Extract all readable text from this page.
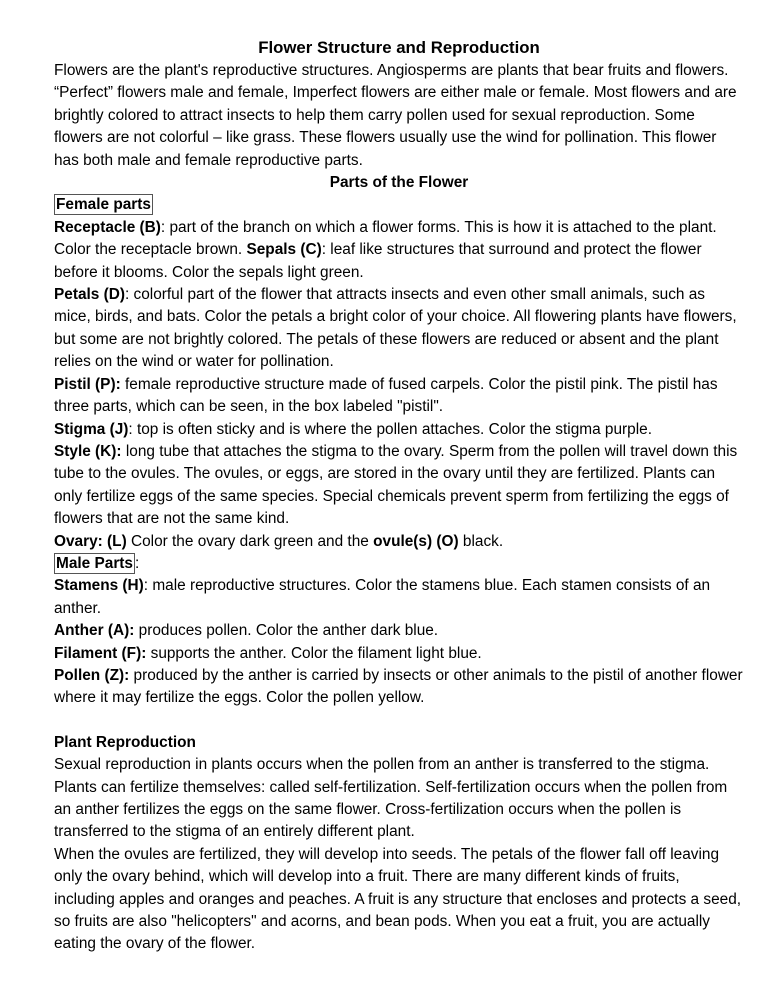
Flower Structure and Reproduction

Flowers are the plant's reproductive structures. Angiosperms are plants that bear fruits and flowers. “Perfect” flowers male and female, Imperfect flowers are either male or female. Most flowers and are brightly colored to attract insects to help them carry pollen used for sexual reproduction. Some flowers are not colorful – like grass. These flowers usually use the wind for pollination. This flower has both male and female reproductive parts.

Parts of the Flower

Female parts

Receptacle (B): part of the branch on which a flower forms. This is how it is attached to the plant. Color the receptacle brown. Sepals (C): leaf like structures that surround and protect the flower before it blooms. Color the sepals light green.

Petals (D): colorful part of the flower that attracts insects and even other small animals, such as mice, birds, and bats. Color the petals a bright color of your choice. All flowering plants have flowers, but some are not brightly colored. The petals of these flowers are reduced or absent and the plant relies on the wind or water for pollination.

Pistil (P): female reproductive structure made of fused carpels. Color the pistil pink. The pistil has three parts, which can be seen, in the box labeled "pistil".

Stigma (J): top is often sticky and is where the pollen attaches. Color the stigma purple.

Style (K): long tube that attaches the stigma to the ovary. Sperm from the pollen will travel down this tube to the ovules. The ovules, or eggs, are stored in the ovary until they are fertilized. Plants can only fertilize eggs of the same species. Special chemicals prevent sperm from fertilizing the eggs of flowers that are not the same kind.

Ovary: (L) Color the ovary dark green and the ovule(s) (O) black.

Male Parts :

Stamens (H): male reproductive structures. Color the stamens blue. Each stamen consists of an anther.

Anther (A): produces pollen. Color the anther dark blue.

Filament (F): supports the anther. Color the filament light blue.

Pollen (Z): produced by the anther is carried by insects or other animals to the pistil of another flower where it may fertilize the eggs. Color the pollen yellow.

Plant Reproduction

Sexual reproduction in plants occurs when the pollen from an anther is transferred to the stigma. Plants can fertilize themselves: called self-fertilization. Self-fertilization occurs when the pollen from an anther fertilizes the eggs on the same flower. Cross-fertilization occurs when the pollen is transferred to the stigma of an entirely different plant.

When the ovules are fertilized, they will develop into seeds. The petals of the flower fall off leaving only the ovary behind, which will develop into a fruit. There are many different kinds of fruits, including apples and oranges and peaches. A fruit is any structure that encloses and protects a seed, so fruits are also "helicopters" and acorns, and bean pods. When you eat a fruit, you are actually eating the ovary of the flower.
